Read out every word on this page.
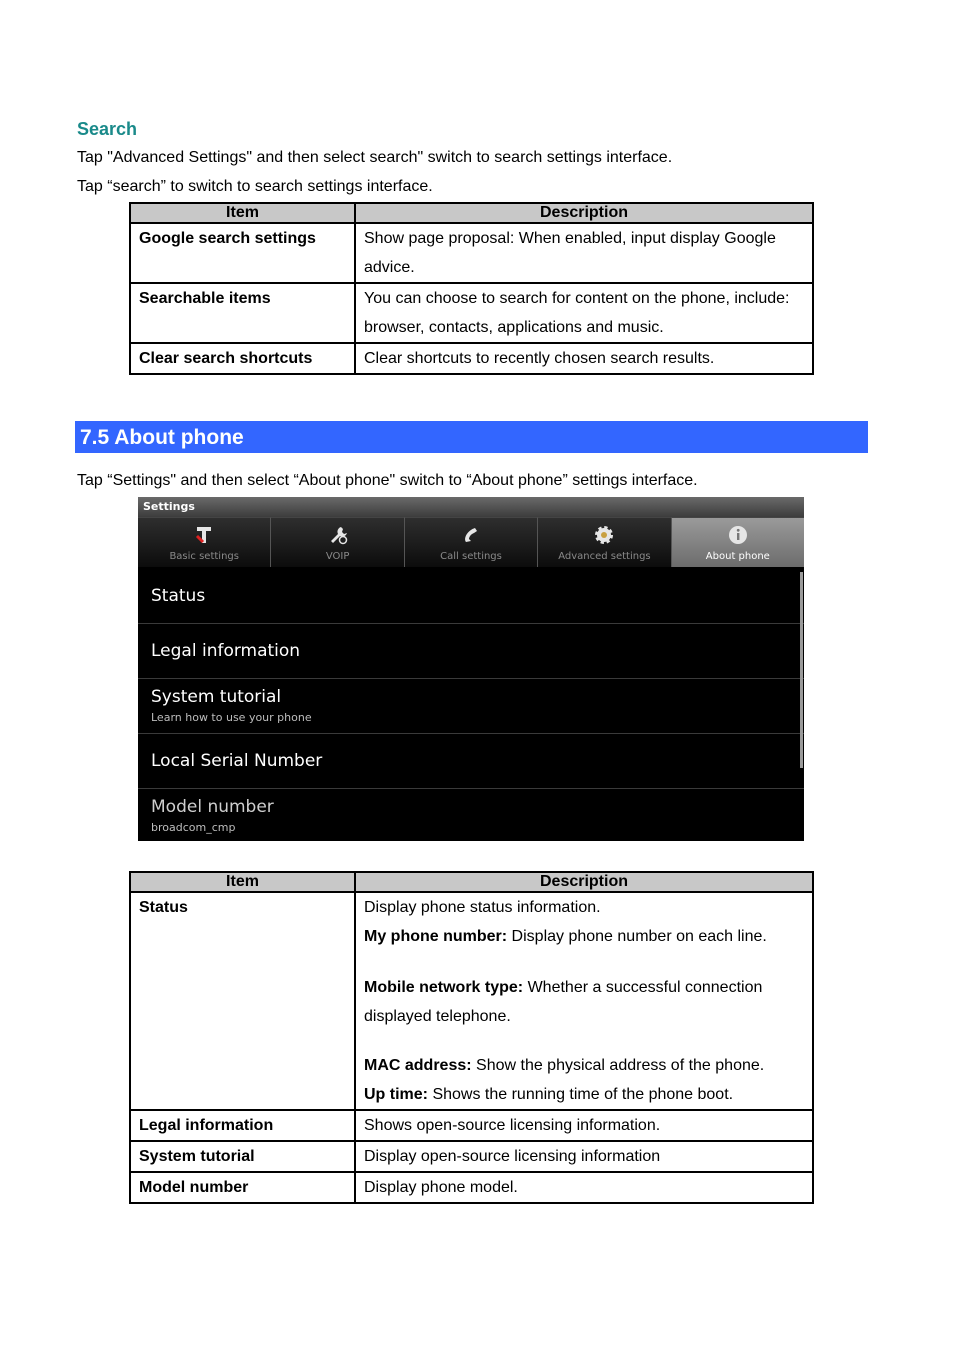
Search
Tap "Advanced Settings" and then select search" switch to search settings interface.
Tap “search” to switch to search settings interface.
Item	Description
Google search settings	Show page proposal: When enabled, input display Google advice.
Searchable items	You can choose to search for content on the phone, include: browser, contacts, applications and music.
Clear search shortcuts	Clear shortcuts to recently chosen search results.
7.5 About phone
Tap “Settings" and then select “About phone" switch to “About phone” settings interface.
Settings
Basic settings	VOIP	Call settings	Advanced settings	About phone
Status
Legal information
System tutorial
Learn how to use your phone
Local Serial Number
Model number
broadcom_cmp
Item	Description
Status	Display phone status information.
My phone number: Display phone number on each line.
Mobile network type: Whether a successful connection displayed telephone.
MAC address: Show the physical address of the phone.
Up time: Shows the running time of the phone boot.

Legal information	Shows open-source licensing information.
System tutorial	Display open-source licensing information
Model number	Display phone model.
